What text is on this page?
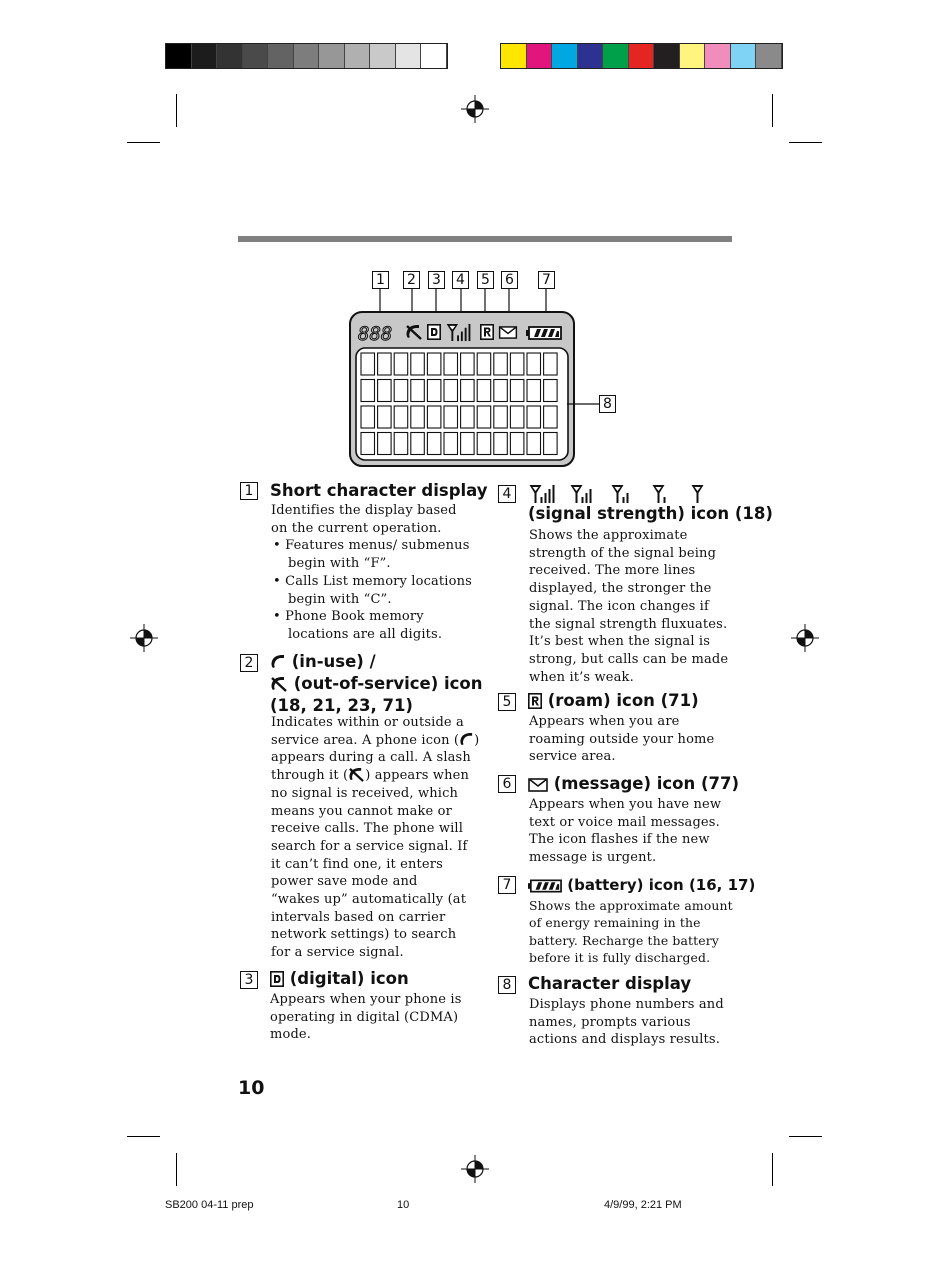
888
1 2 3 4 5 6 7
8
1 Short character display

Identifies the display based

on the current operation.

• Features menus/ submenus
begin with “F”.

• Calls List memory locations
begin with “C”.

• Phone Book memory
locations are all digits.

2	(in-use) /
(out-of-service) icon
(18, 21, 23, 71)

Indicates within or outside a

service area. A phone icon ( )

appears during a call. A slash

through it ( ) appears when

no signal is received, which

means you cannot make or

receive calls. The phone will

search for a service signal. If

it can’t find one, it enters

power save mode and

“wakes up” automatically (at

intervals based on carrier

network settings) to search

for a service signal.

3	(digital) icon

Appears when your phone is

operating in digital (CDMA)

mode.

4
(signal strength) icon (18)

Shows the approximate

strength of the signal being

received. The more lines

displayed, the stronger the

signal. The icon changes if

the signal strength fluxuates.

It’s best when the signal is

strong, but calls can be made

when it’s weak.

5	(roam) icon (71)

Appears when you are

roaming outside your home

service area.

6	(message) icon (77)

Appears when you have new

text or voice mail messages.

The icon flashes if the new

message is urgent.

7	(battery) icon (16, 17)

Shows the approximate amount

of energy remaining in the

battery. Recharge the battery

before it is fully discharged.

8 Character display

Displays phone numbers and

names, prompts various

actions and displays results.

10
SB200 04-11 prep	10	4/9/99, 2:21 PM
